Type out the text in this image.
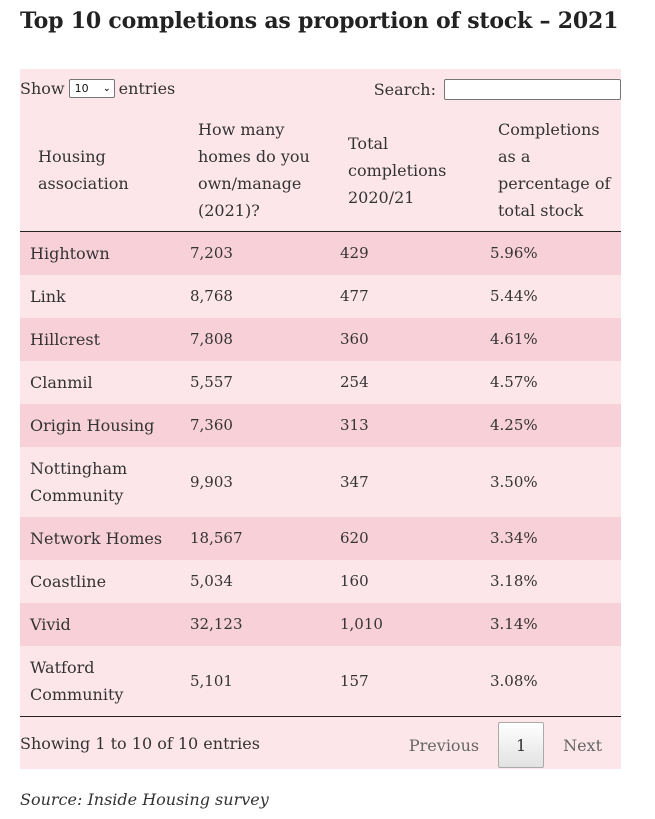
Top 10 completions as proportion of stock – 2021
Show 10 ⌄ entries	Search:
Housing association	How many homes do you own/manage (2021)?	Total completions 2020/21	Completions as a percentage of total stock

Hightown	7,203	429	5.96%
Link	8,768	477	5.44%
Hillcrest	7,808	360	4.61%
Clanmil	5,557	254	4.57%
Origin Housing	7,360	313	4.25%
Nottingham Community	9,903	347	3.50%
Network Homes	18,567	620	3.34%
Coastline	5,034	160	3.18%
Vivid	32,123	1,010	3.14%
Watford Community	5,101	157	3.08%
Showing 1 to 10 of 10 entries	Previous	1	Next

Source: Inside Housing survey
